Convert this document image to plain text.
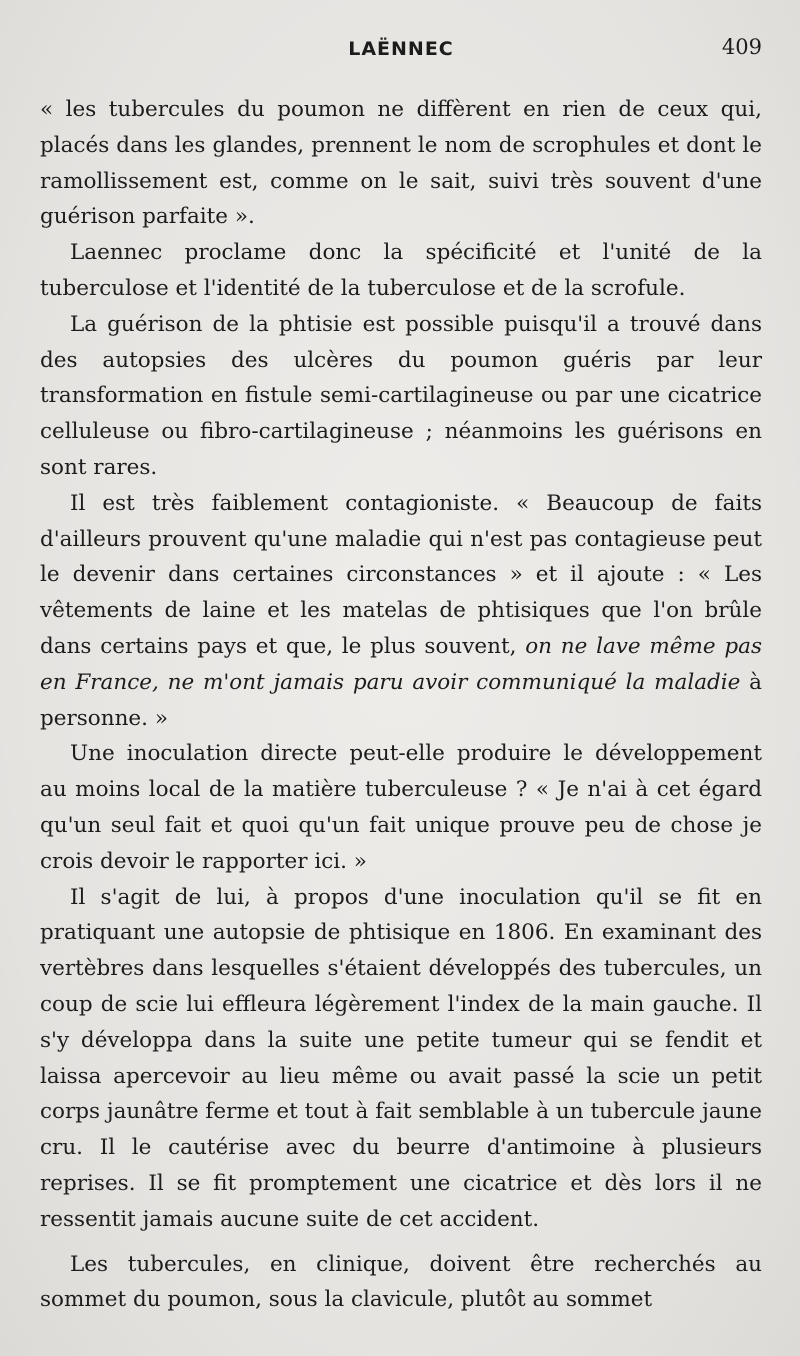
LAËNNEC	409

« les tubercules du poumon ne diffèrent en rien de ceux qui, placés dans les glandes, prennent le nom de scrophules et dont le ramollissement est, comme on le sait, suivi très souvent d'une guérison parfaite ».

Laennec proclame donc la spécificité et l'unité de la tuberculose et l'identité de la tuberculose et de la scrofule.

La guérison de la phtisie est possible puisqu'il a trouvé dans des autopsies des ulcères du poumon guéris par leur transformation en fistule semi-cartilagineuse ou par une cicatrice celluleuse ou fibro-cartilagineuse ; néanmoins les guérisons en sont rares.

Il est très faiblement contagioniste. « Beaucoup de faits d'ailleurs prouvent qu'une maladie qui n'est pas contagieuse peut le devenir dans certaines circonstances » et il ajoute : « Les vêtements de laine et les matelas de phtisiques que l'on brûle dans certains pays et que, le plus souvent, on ne lave même pas en France, ne m'ont jamais paru avoir communiqué la maladie à personne. »

Une inoculation directe peut-elle produire le développement au moins local de la matière tuberculeuse ? « Je n'ai à cet égard qu'un seul fait et quoi qu'un fait unique prouve peu de chose je crois devoir le rapporter ici. »

Il s'agit de lui, à propos d'une inoculation qu'il se fit en pratiquant une autopsie de phtisique en 1806. En examinant des vertèbres dans lesquelles s'étaient développés des tubercules, un coup de scie lui effleura légèrement l'index de la main gauche. Il s'y développa dans la suite une petite tumeur qui se fendit et laissa apercevoir au lieu même ou avait passé la scie un petit corps jaunâtre ferme et tout à fait semblable à un tubercule jaune cru. Il le cautérise avec du beurre d'antimoine à plusieurs reprises. Il se fit promptement une cicatrice et dès lors il ne ressentit jamais aucune suite de cet accident.

Les tubercules, en clinique, doivent être recherchés au sommet du poumon, sous la clavicule, plutôt au sommet
